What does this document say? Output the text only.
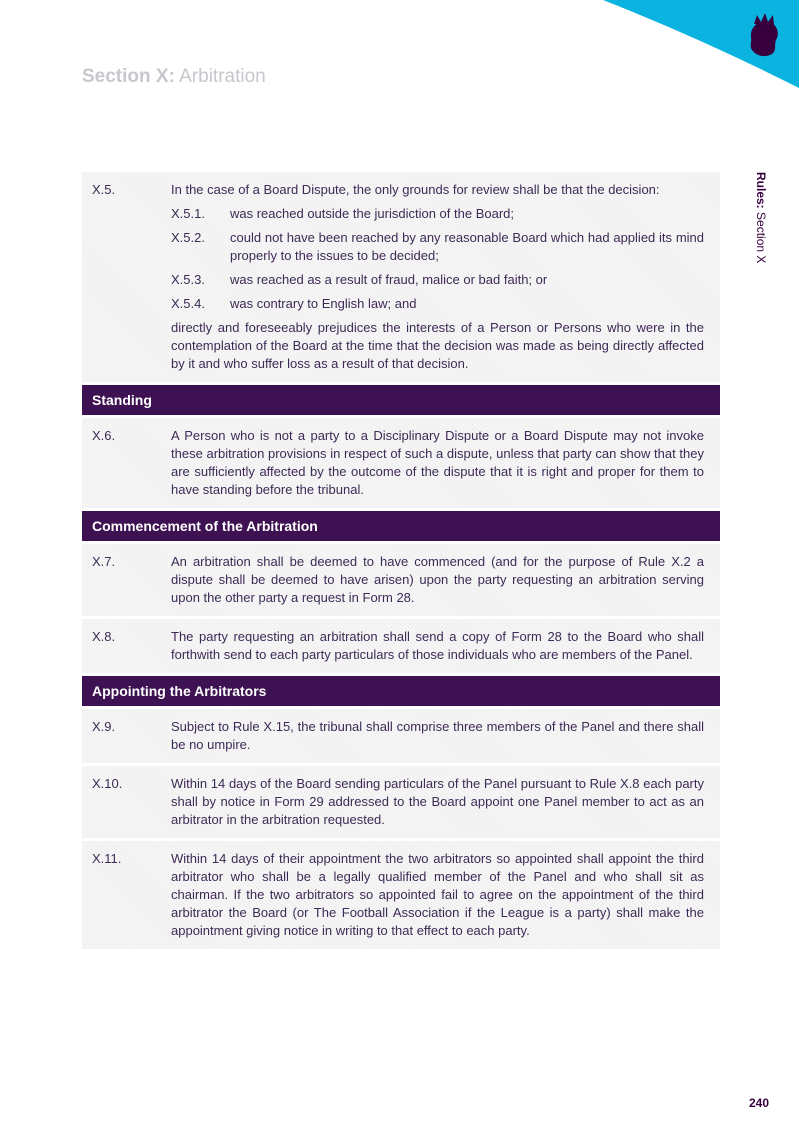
Section X: Arbitration
Rules: Section X
X.5.	In the case of a Board Dispute, the only grounds for review shall be that the decision:

X.5.1.	was reached outside the jurisdiction of the Board;
X.5.2.	could not have been reached by any reasonable Board which had applied its mind properly to the issues to be decided;
X.5.3.	was reached as a result of fraud, malice or bad faith; or
X.5.4.	was contrary to English law; and

directly and foreseeably prejudices the interests of a Person or Persons who were in the contemplation of the Board at the time that the decision was made as being directly affected by it and who suffer loss as a result of that decision.

Standing
X.6.	A Person who is not a party to a Disciplinary Dispute or a Board Dispute may not invoke these arbitration provisions in respect of such a dispute, unless that party can show that they are sufficiently affected by the outcome of the dispute that it is right and proper for them to have standing before the tribunal.
Commencement of the Arbitration
X.7.	An arbitration shall be deemed to have commenced (and for the purpose of Rule X.2 a dispute shall be deemed to have arisen) upon the party requesting an arbitration serving upon the other party a request in Form 28.
X.8.	The party requesting an arbitration shall send a copy of Form 28 to the Board who shall forthwith send to each party particulars of those individuals who are members of the Panel.
Appointing the Arbitrators
X.9.	Subject to Rule X.15, the tribunal shall comprise three members of the Panel and there shall be no umpire.
X.10.	Within 14 days of the Board sending particulars of the Panel pursuant to Rule X.8 each party shall by notice in Form 29 addressed to the Board appoint one Panel member to act as an arbitrator in the arbitration requested.
X.11.	Within 14 days of their appointment the two arbitrators so appointed shall appoint the third arbitrator who shall be a legally qualified member of the Panel and who shall sit as chairman. If the two arbitrators so appointed fail to agree on the appointment of the third arbitrator the Board (or The Football Association if the League is a party) shall make the appointment giving notice in writing to that effect to each party.
240
